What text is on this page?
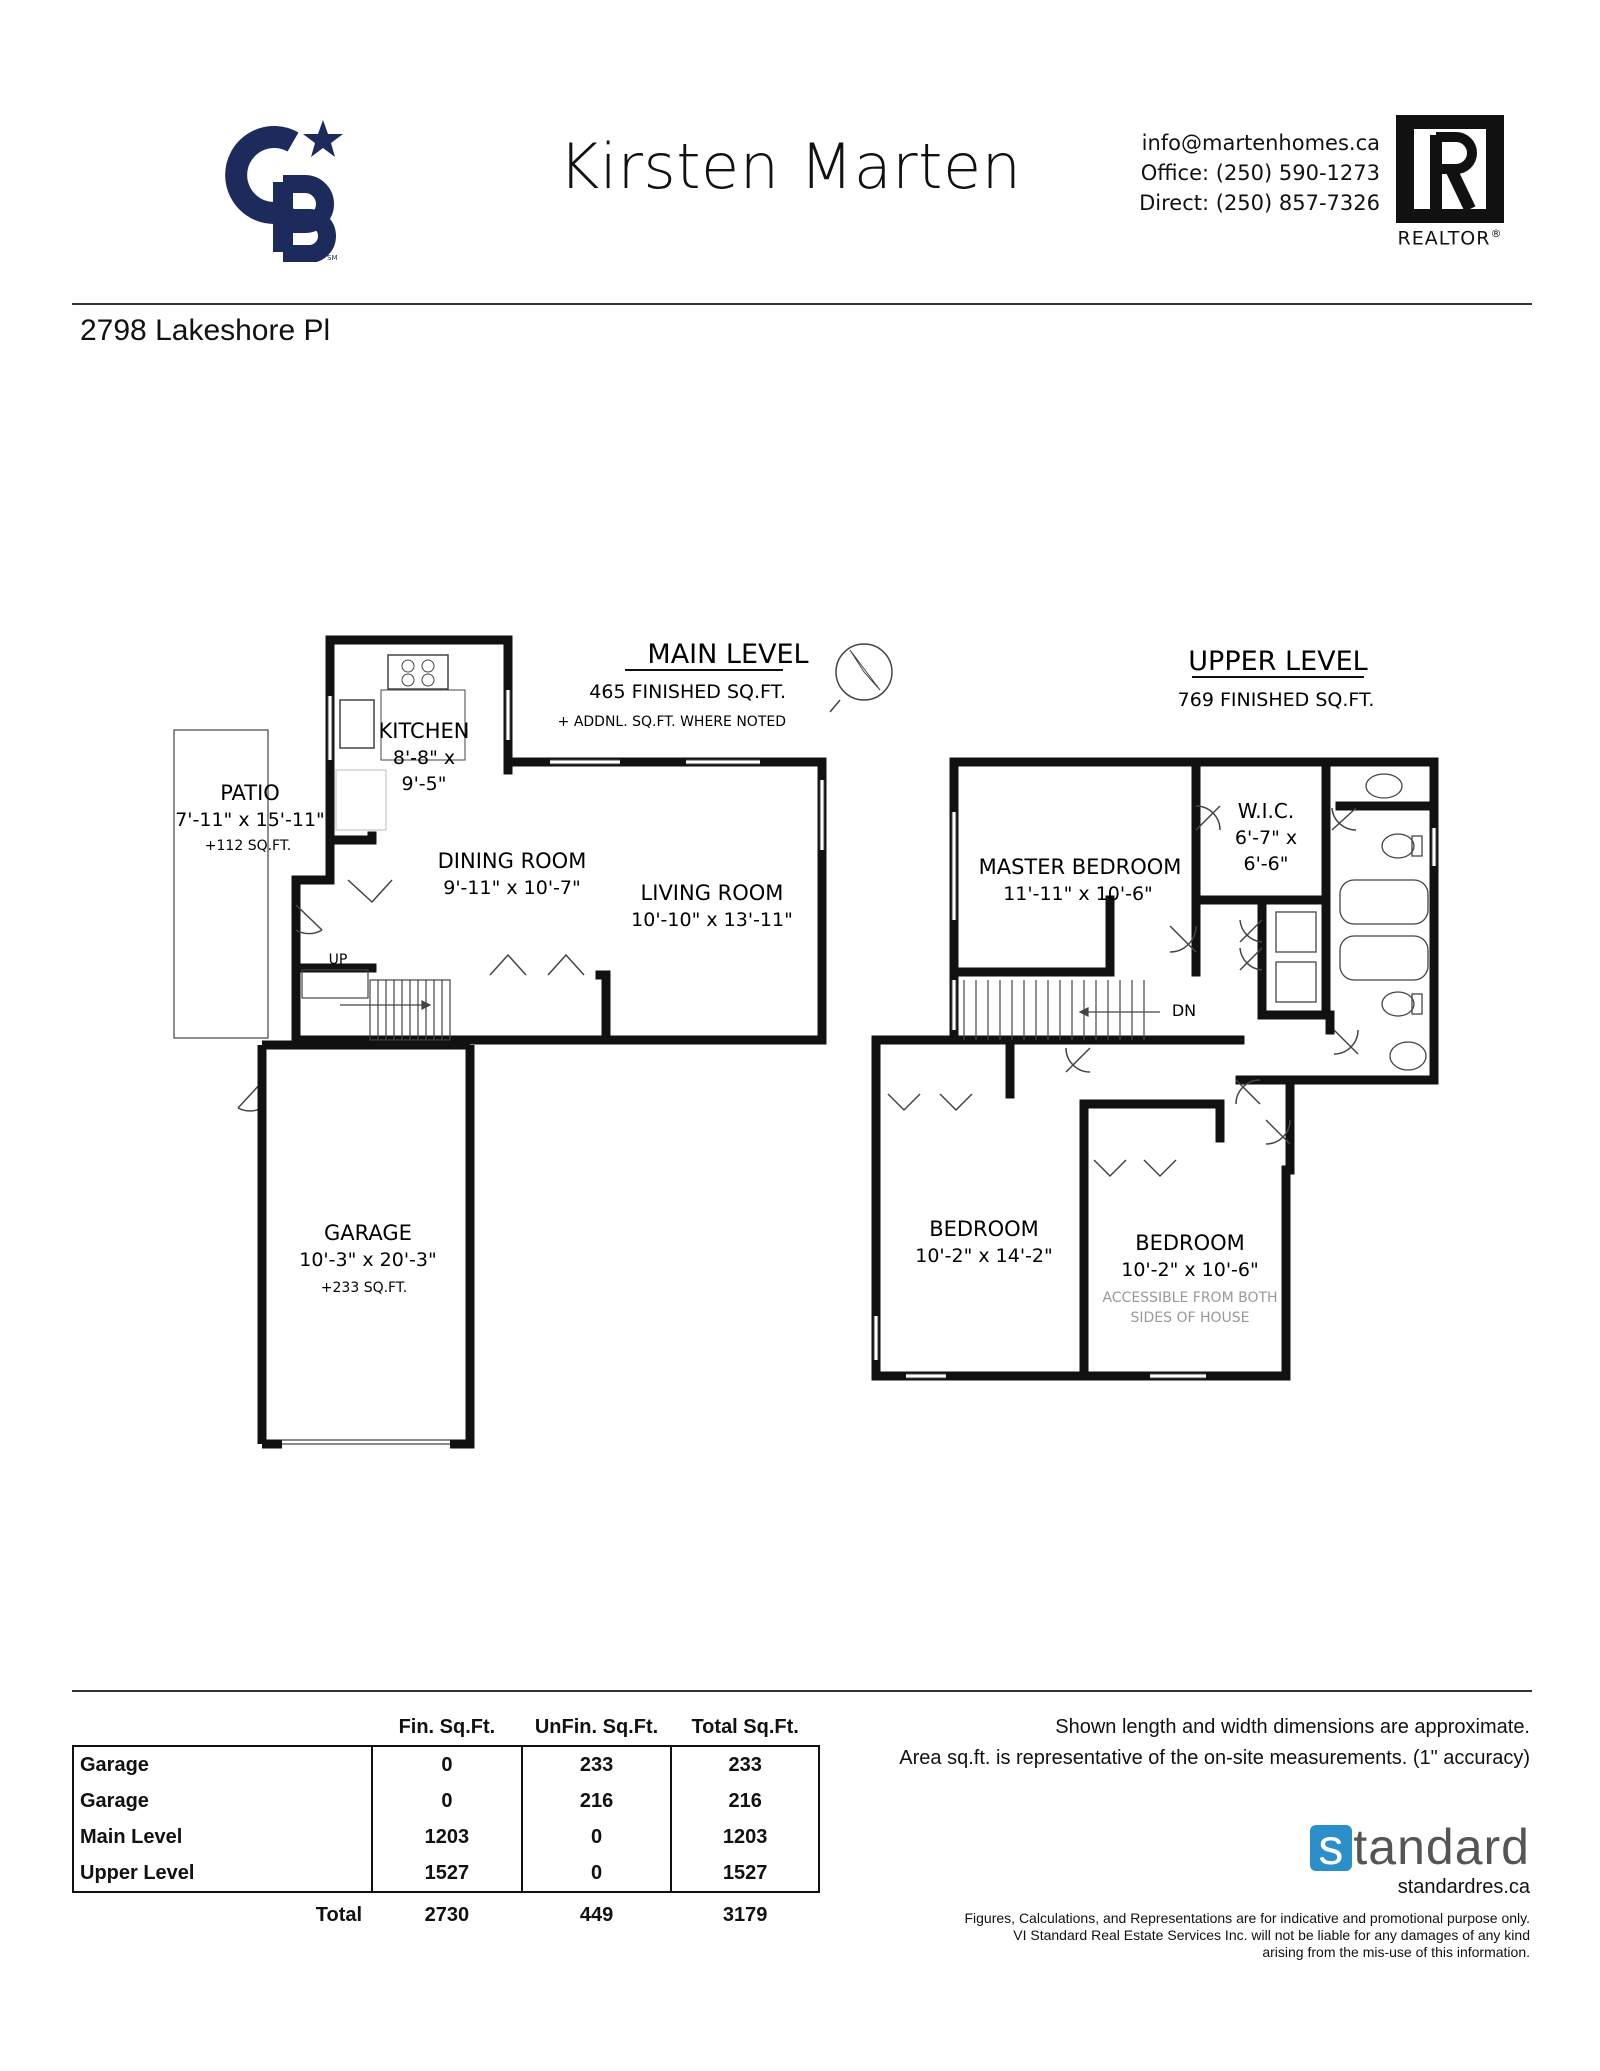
SM
Kirsten Marten	info@martenhomes.ca
Office: (250) 590-1273
Direct: (250) 857-7326
REALTOR®
2798 Lakeshore Pl
MAIN LEVEL
465 FINISHED SQ.FT.
+ ADDNL. SQ.FT. WHERE NOTED
KITCHEN
8'-8" x
9'-5"
PATIO
7'-11" x 15'-11"
+112 SQ.FT.
DINING ROOM
9'-11" x 10'-7"	LIVING ROOM
10'-10" x 13'-11"
UP
GARAGE
10'-3" x 20'-3"
+233 SQ.FT.
UPPER LEVEL
769 FINISHED SQ.FT.
MASTER BEDROOM
11'-11" x 10'-6"
W.I.C.
6'-7" x
6'-6"
DN
BEDROOM
10'-2" x 14'-2"
BEDROOM
10'-2" x 10'-6"
ACCESSIBLE FROM BOTH
SIDES OF HOUSE
	Fin. Sq.Ft.	UnFin. Sq.Ft.	Total Sq.Ft.
Garage	0	233	233
Garage	0	216	216
Main Level	1203	0	1203
Upper Level	1527	0	1527
Total	2730	449	3179
Shown length and width dimensions are approximate.
Area sq.ft. is representative of the on-site measurements. (1" accuracy)
s tandard
standardres.ca
Figures, Calculations, and Representations are for indicative and promotional purpose only.
VI Standard Real Estate Services Inc. will not be liable for any damages of any kind
arising from the mis-use of this information.
